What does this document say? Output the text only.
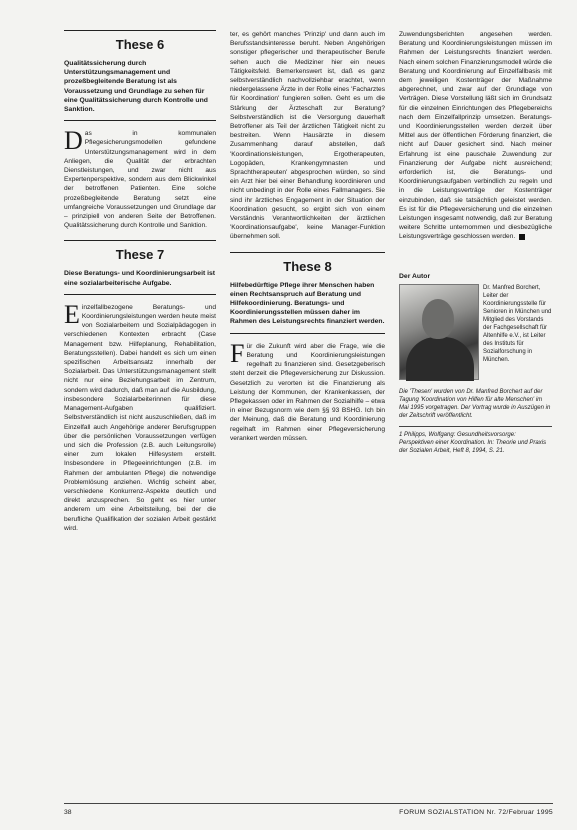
These 6
Qualitätssicherung durch Unterstützungsmanagement und prozeßbegleitende Beratung ist als Voraussetzung und Grundlage zu sehen für eine Qualitätssicherung durch Kontrolle und Sanktion.
D as in kommunalen Pflegesicherungsmodellen gefundene Unterstützungsmanagement wird in dem Anliegen, die Qualität der erbrachten Dienstleistungen, und zwar nicht aus Expertenperspektive, sondern aus dem Blickwinkel der betroffenen Patienten. Eine solche prozeßbegleitende Beratung setzt eine umfangreiche Voraussetzungen und Grundlage dar – prinzipiell von anderen Seite der Betroffenen. Qualitätssicherung durch Kontrolle und Sanktion.
These 7
Diese Beratungs- und Koordinierungsarbeit ist eine sozialarbeiterische Aufgabe.
E inzelfallbezogene Beratungs- und Koordinierungsleistungen werden heute meist von Sozialarbeitern und Sozialpädagogen in verschiedenen Kontexten erbracht (Case Management bzw. Hilfeplanung, Rehabilitation, Beratungsstellen). Dabei handelt es sich um einen spezifischen Arbeitsansatz innerhalb der Sozialarbeit. Das Unterstützungsmanagement stellt nicht nur eine Beziehungsarbeit im Zentrum, sondern wird dadurch, daß man auf die Ausbildung, insbesondere Sozialarbeiterinnen für diese Management-Aufgaben qualifiziert. Selbstverständlich ist nicht auszuschließen, daß im Einzelfall auch Angehörige anderer Berufsgruppen über die persönlichen Voraussetzungen verfügen und sich die Profession (z.B. auch Leitungsrolle) einer zum lokalen Hilfesystem erstellt. Insbesondere in Pflegeeinrichtungen (z.B. im Rahmen der ambulanten Pflege) die notwendige Problemlösung anziehen. Wichtig scheint aber, verschiedene Konkurrenz-Aspekte deutlich und direkt anzusprechen. So geht es hier unter anderem um eine Arbeitsteilung, bei der die berufliche Qualifikation der sozialen Arbeit gestärkt wird.
ter, es gehört manches 'Prinzip' und dann auch im Berufsstandsinteresse beruht. Neben Angehörigen sonstiger pflegerischer und therapeutischer Berufe sehen auch die Mediziner hier ein neues Tätigkeitsfeld. Bemerkenswert ist, daß es ganz selbstverständlich nachvollziehbar erachtet, wenn niedergelassene Ärzte in der Rolle eines 'Facharztes für Koordination' fungieren sollen. Geht es um die Stärkung der Ärzteschaft zur Beratung? Selbstverständlich ist die Versorgung dauerhaft Betroffener als Teil der ärztlichen Tätigkeit nicht zu bestreiten. Wenn Hausärzte in diesem Zusammenhang darauf abstellen, daß 'Koordinationsleistungen, Ergotherapeuten, Logopäden, Krankengymnasten und Sprachtherapeuten' abgesprochen würden, so sind ein Arzt hier bei einer Behandlung koordinieren und nicht unbedingt in der Rolle eines Fallmanagers. Sie sind ihr ärztliches Engagement in der Situation der Koordination gesucht, so ergibt sich von einem Verständnis Verantwortlichkeiten der ärztlichen 'Koordinationsaufgabe', keine Manager-Funktion übernehmen soll.
These 8
Hilfebedürftige Pflege ihrer Menschen haben einen Rechtsanspruch auf Beratung und Hilfekoordinierung. Beratungs- und Koordinierungsstellen müssen daher im Rahmen des Leistungsrechts finanziert werden.
F ür die Zukunft wird aber die Frage, wie die Beratung und Koordinierungsleistungen regelhaft zu finanzieren sind. Gesetzgeberisch steht derzeit die Pflegeversicherung zur Diskussion. Gesetzlich zu verorten ist die Finanzierung als Leistung der Kommunen, der Krankenkassen, der Pflegekassen oder im Rahmen der Sozialhilfe – etwa in einer Bezugsnorm wie dem §§ 93 BSHG. Ich bin der Meinung, daß die Beratung und Koordinierung regelhaft im Rahmen einer Pflegeversicherung verankert werden müssen.
Zuwendungsberichten angesehen werden. Beratung und Koordinierungsleistungen müssen im Rahmen der Leistungsrechts finanziert werden. Nach einem solchen Finanzierungsmodell würde die Beratung und Koordinierung auf Einzelfallbasis mit dem jeweiligen Kostenträger der Maßnahme abgerechnet, und zwar auf der Grundlage von Verträgen. Diese Vorstellung läßt sich im Grundsatz für die einzelnen Einrichtungen des Pflegebereichs nach dem Einzelfallprinzip umsetzen. Beratungs- und Koordinierungsstellen werden derzeit über Mittel aus der öffentlichen Förderung finanziert, die nicht auf Dauer gesichert sind. Nach meiner Erfahrung ist eine pauschale Zuwendung zur Finanzierung der Aufgabe nicht ausreichend; erforderlich ist, die Beratungs- und Koordinierungsaufgaben verbindlich zu regeln und in die Leistungsverträge der Kostenträger einzubinden, daß sie tatsächlich geleistet werden. Es ist für die Pflegeversicherung und die einzelnen Leistungen insgesamt notwendig, daß zur Beratung weitere Schritte unternommen und diesbezügliche Leistungsverträge geschlossen werden.
Der Autor
Dr. Manfred Borchert, Leiter der Koordinierungsstelle für Senioren in München und Mitglied des Vorstands der Fachgesellschaft für Altenhilfe e.V., ist Leiter des Instituts für Sozialforschung in München.
Die 'Thesen' wurden von Dr. Manfred Borchert auf der Tagung 'Koordination von Hilfen für alte Menschen' im Mai 1995 vorgetragen. Der Vortrag wurde in Auszügen in der Zeitschrift veröffentlicht.
1 Philipps, Wolfgang: Gesundheitsvorsorge: Perspektiven einer Koordination. In: Theorie und Praxis der Sozialen Arbeit, Heft 8, 1994, S. 21.
38	FORUM SOZIALSTATION Nr. 72/Februar 1995
